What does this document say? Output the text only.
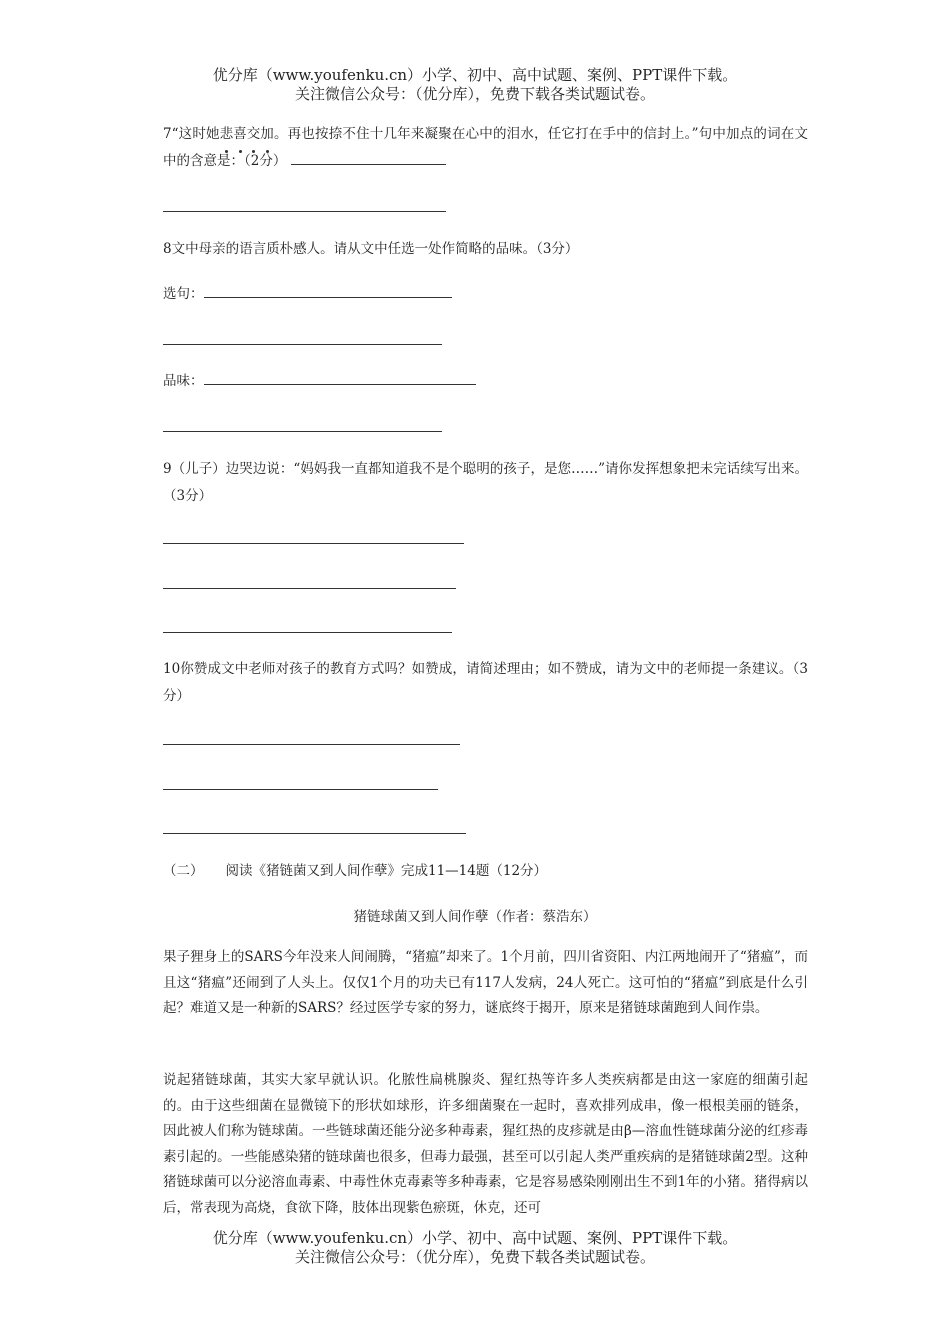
优分库（www.youfenku.cn）小学、初中、高中试题、案例、PPT课件下载。
关注微信公众号：（优分库），免费下载各类试题试卷。
7“这时她悲喜交加。再也按捺不住十几年来凝聚在心中的泪水，任它打在手中的信封上。”句中加点的词在文中的含意是：（2分）
8文中母亲的语言质朴感人。请从文中任选一处作简略的品味。（3分）
选句：
品味：
9（儿子）边哭边说：“妈妈我一直都知道我不是个聪明的孩子，是您……”请你发挥想象把未完话续写出来。（3分）
10你赞成文中老师对孩子的教育方式吗？如赞成，请简述理由；如不赞成，请为文中的老师提一条建议。（3分）
（二） 阅读《猪链菌又到人间作孽》完成11—14题（12分）
猪链球菌又到人间作孽（作者：蔡浩东）
果子狸身上的SARS今年没来人间闹腾，“猪瘟”却来了。1个月前，四川省资阳、内江两地闹开了“猪瘟”，而且这“猪瘟”还闹到了人头上。仅仅1个月的功夫已有117人发病，24人死亡。这可怕的“猪瘟”到底是什么引起？难道又是一种新的SARS？经过医学专家的努力，谜底终于揭开，原来是猪链球菌跑到人间作祟。
说起猪链球菌，其实大家早就认识。化脓性扁桃腺炎、猩红热等许多人类疾病都是由这一家庭的细菌引起的。由于这些细菌在显微镜下的形状如球形，许多细菌聚在一起时，喜欢排列成串，像一根根美丽的链条，因此被人们称为链球菌。一些链球菌还能分泌多种毒素，猩红热的皮疹就是由β—溶血性链球菌分泌的红疹毒素引起的。一些能感染猪的链球菌也很多，但毒力最强，甚至可以引起人类严重疾病的是猪链球菌2型。这种猪链球菌可以分泌溶血毒素、中毒性休克毒素等多种毒素，它是容易感染刚刚出生不到1年的小猪。猪得病以后，常表现为高烧，食欲下降，肢体出现紫色瘀斑，休克，还可
优分库（www.youfenku.cn）小学、初中、高中试题、案例、PPT课件下载。
关注微信公众号：（优分库），免费下载各类试题试卷。
